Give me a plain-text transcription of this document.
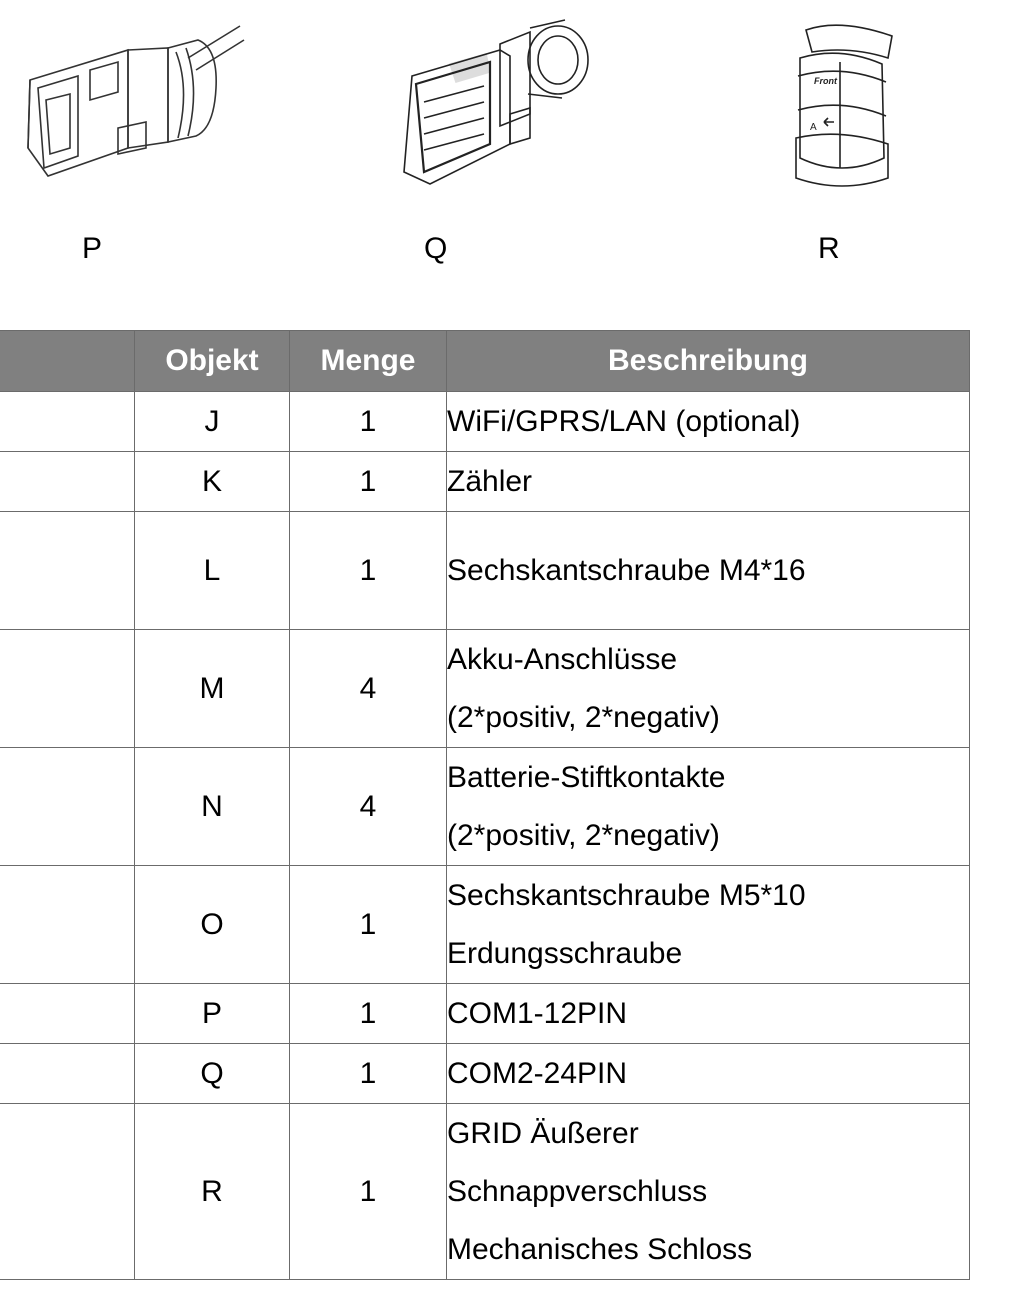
Front
A
P	Q	R
	Objekt	Menge	Beschreibung
	J	1	WiFi/GPRS/LAN (optional)

	K	1	Zähler

	L	1	Sechskantschraube M4*16

	M	4	Akku-Anschlüsse
(2*positiv, 2*negativ)

	N	4	Batterie-Stiftkontakte
(2*positiv, 2*negativ)

	O	1	Sechskantschraube M5*10
Erdungsschraube

	P	1	COM1-12PIN

	Q	1	COM2-24PIN

	R	1	GRID Äußerer
Schnappverschluss
Mechanisches Schloss
